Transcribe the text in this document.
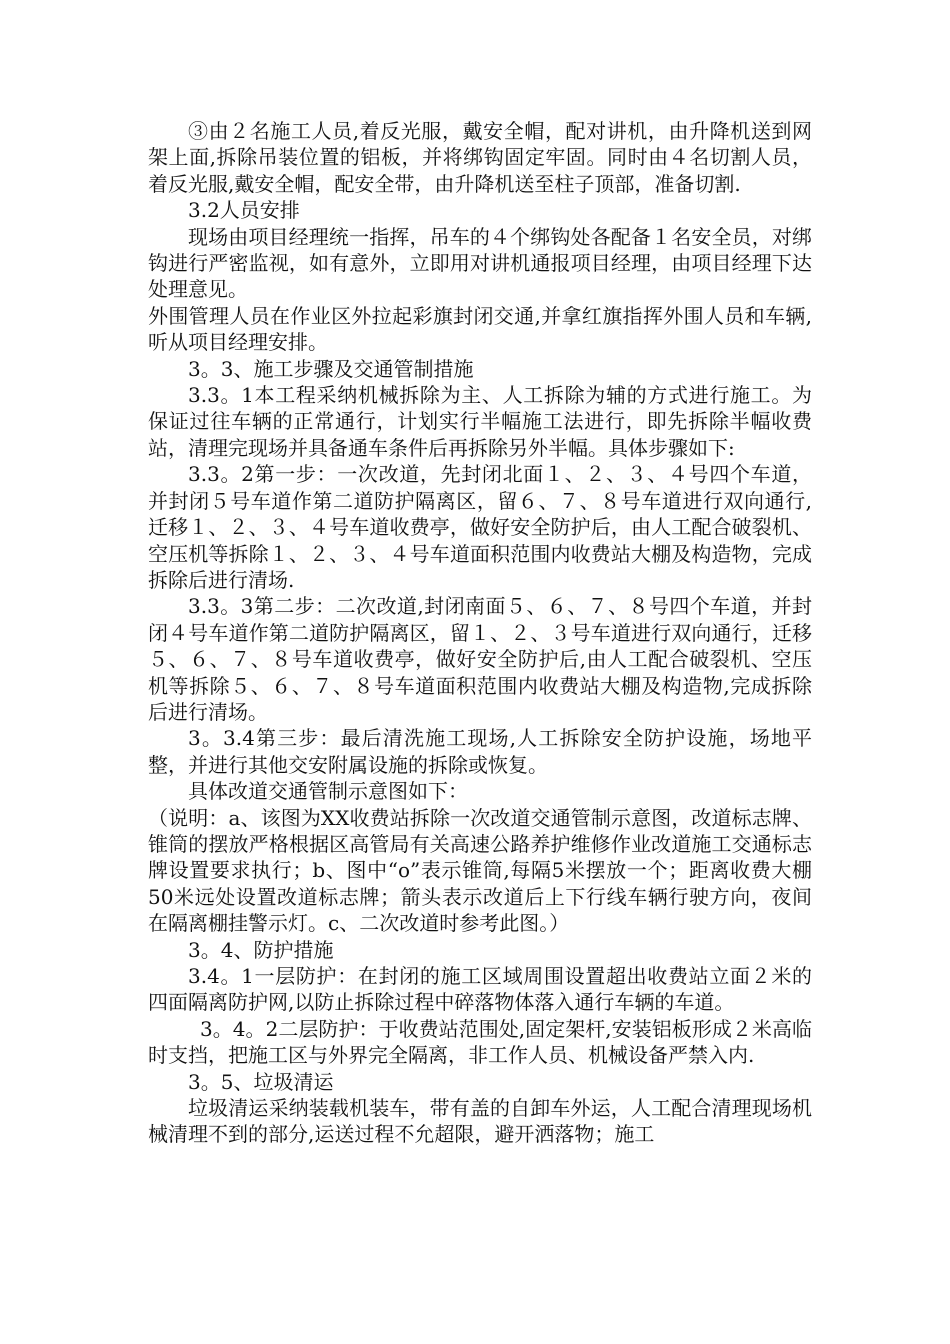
③由２名施工人员,着反光服，戴安全帽，配对讲机，由升降机送到网架上面,拆除吊装位置的铝板，并将绑钩固定牢固。同时由４名切割人员，着反光服,戴安全帽，配安全带，由升降机送至柱子顶部，准备切割.

3.2人员安排

现场由项目经理统一指挥，吊车的４个绑钩处各配备１名安全员，对绑钩进行严密监视，如有意外，立即用对讲机通报项目经理，由项目经理下达处理意见。

外围管理人员在作业区外拉起彩旗封闭交通,并拿红旗指挥外围人员和车辆,听从项目经理安排。

3。3、施工步骤及交通管制措施

3.3。1本工程采纳机械拆除为主、人工拆除为辅的方式进行施工。为保证过往车辆的正常通行，计划实行半幅施工法进行，即先拆除半幅收费站，清理完现场并具备通车条件后再拆除另外半幅。具体步骤如下:

3.3。2第一步：一次改道，先封闭北面１、２、３、４号四个车道，并封闭５号车道作第二道防护隔离区，留６、７、８号车道进行双向通行,迁移１、２、３、４号车道收费亭，做好安全防护后，由人工配合破裂机、空压机等拆除１、２、３、４号车道面积范围内收费站大棚及构造物，完成拆除后进行清场.

3.3。3第二步：二次改道,封闭南面５、６、７、８号四个车道，并封闭４号车道作第二道防护隔离区，留１、２、３号车道进行双向通行，迁移５、６、７、８号车道收费亭，做好安全防护后,由人工配合破裂机、空压机等拆除５、６、７、８号车道面积范围内收费站大棚及构造物,完成拆除后进行清场。

3。3.4第三步：最后清洗施工现场,人工拆除安全防护设施，场地平整，并进行其他交安附属设施的拆除或恢复。

具体改道交通管制示意图如下：

（说明：a、该图为XX收费站拆除一次改道交通管制示意图，改道标志牌、锥筒的摆放严格根据区高管局有关高速公路养护维修作业改道施工交通标志牌设置要求执行；b、图中“o”表示锥筒,每隔5米摆放一个；距离收费大棚50米远处设置改道标志牌；箭头表示改道后上下行线车辆行驶方向，夜间在隔离棚挂警示灯。c、二次改道时参考此图。）

3。4、防护措施

3.4。1一层防护：在封闭的施工区域周围设置超出收费站立面２米的四面隔离防护网,以防止拆除过程中碎落物体落入通行车辆的车道。

3。4。2二层防护：于收费站范围处,固定架杆,安装铝板形成２米高临时支挡，把施工区与外界完全隔离，非工作人员、机械设备严禁入内.

3。5、垃圾清运

垃圾清运采纳装载机装车，带有盖的自卸车外运，人工配合清理现场机械清理不到的部分,运送过程不允超限，避开洒落物；施工
